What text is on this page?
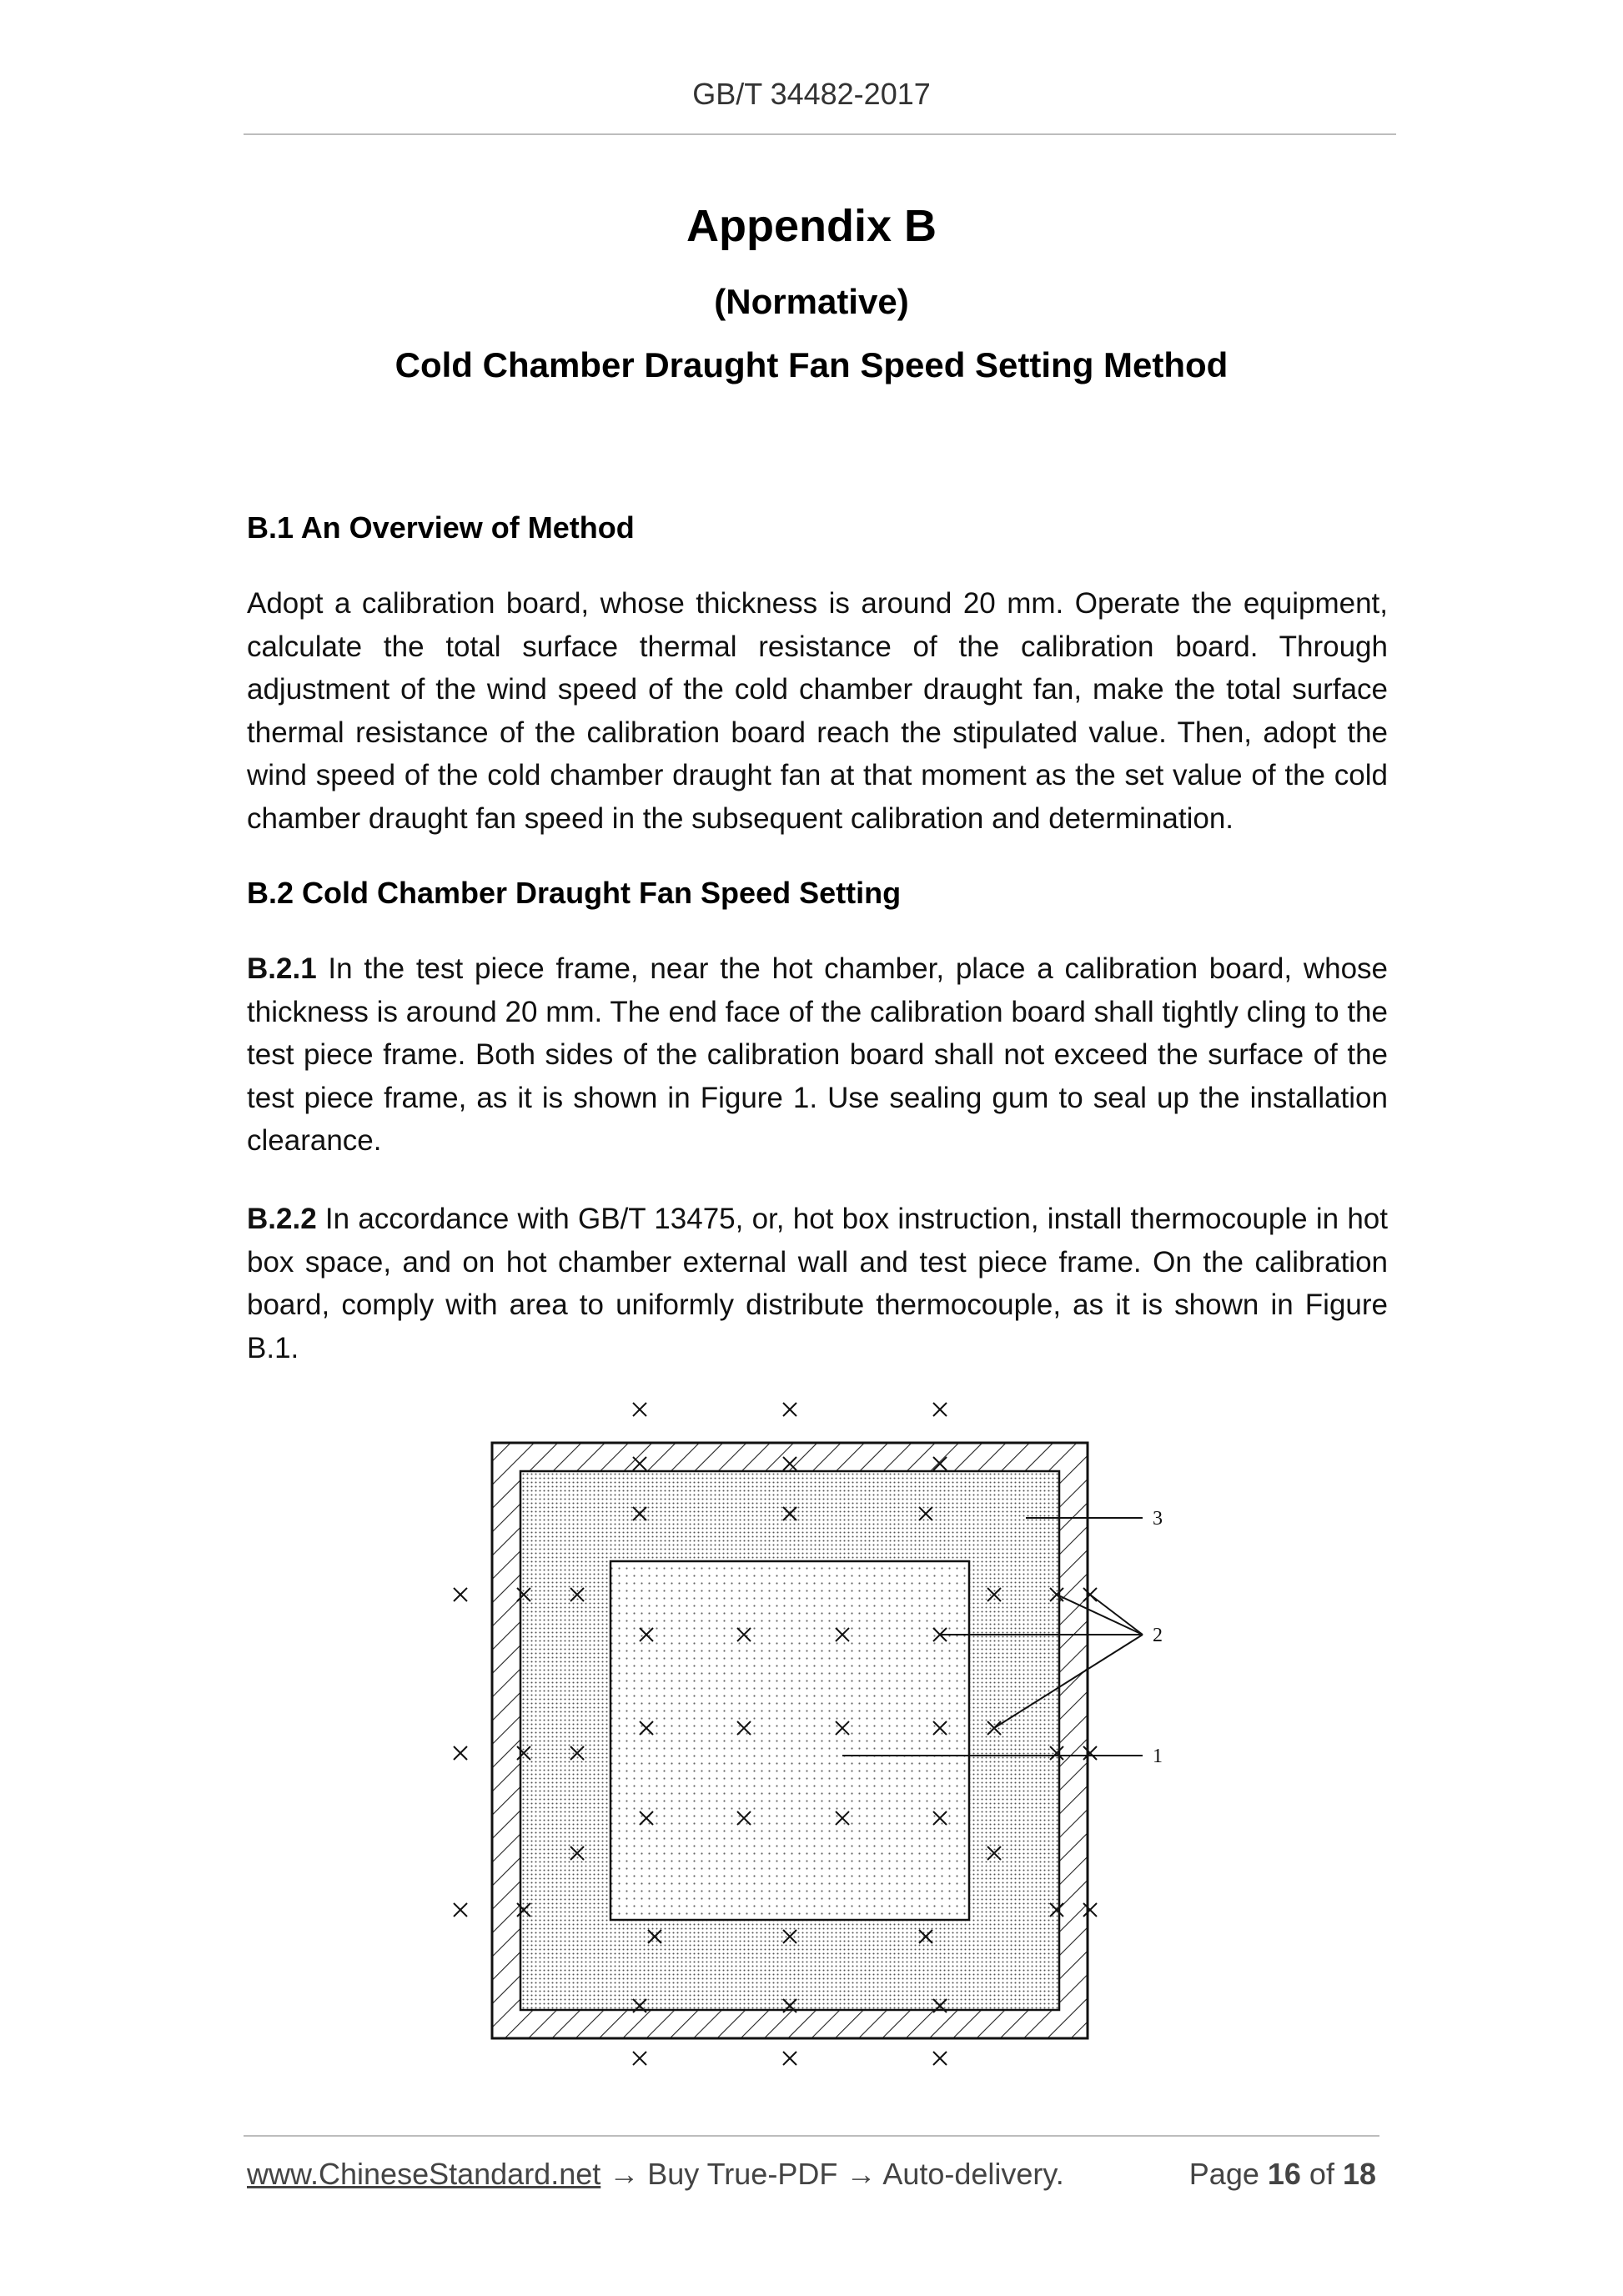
GB/T 34482-2017
Appendix B
(Normative)
Cold Chamber Draught Fan Speed Setting Method
B.1 An Overview of Method
Adopt a calibration board, whose thickness is around 20 mm. Operate the equipment, calculate the total surface thermal resistance of the calibration board. Through adjustment of the wind speed of the cold chamber draught fan, make the total surface thermal resistance of the calibration board reach the stipulated value. Then, adopt the wind speed of the cold chamber draught fan at that moment as the set value of the cold chamber draught fan speed in the subsequent calibration and determination.
B.2 Cold Chamber Draught Fan Speed Setting
B.2.1 In the test piece frame, near the hot chamber, place a calibration board, whose thickness is around 20 mm. The end face of the calibration board shall tightly cling to the test piece frame. Both sides of the calibration board shall not exceed the surface of the test piece frame, as it is shown in Figure 1. Use sealing gum to seal up the installation clearance.
B.2.2 In accordance with GB/T 13475, or, hot box instruction, install thermocouple in hot box space, and on hot chamber external wall and test piece frame. On the calibration board, comply with area to uniformly distribute thermocouple, as it is shown in Figure B.1.
3
2
1
www.ChineseStandard.net → Buy True-PDF → Auto-delivery.	Page 16 of 18
